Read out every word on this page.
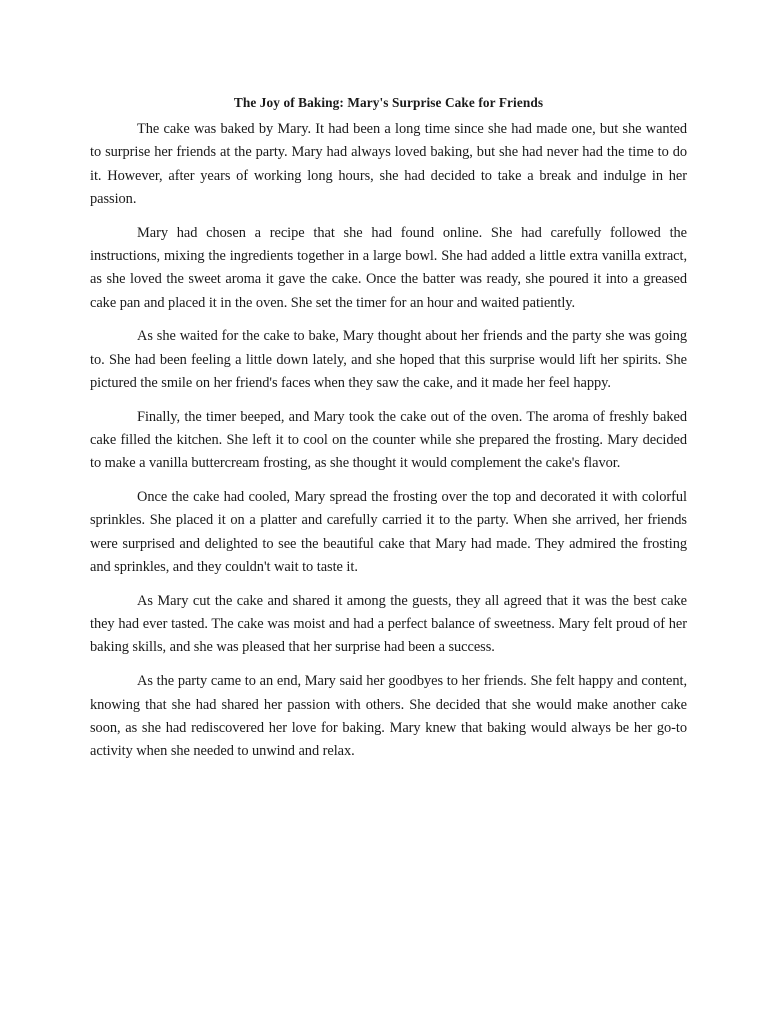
The Joy of Baking: Mary's Surprise Cake for Friends

The cake was baked by Mary. It had been a long time since she had made one, but she wanted to surprise her friends at the party. Mary had always loved baking, but she had never had the time to do it. However, after years of working long hours, she had decided to take a break and indulge in her passion.

Mary had chosen a recipe that she had found online. She had carefully followed the instructions, mixing the ingredients together in a large bowl. She had added a little extra vanilla extract, as she loved the sweet aroma it gave the cake. Once the batter was ready, she poured it into a greased cake pan and placed it in the oven. She set the timer for an hour and waited patiently.

As she waited for the cake to bake, Mary thought about her friends and the party she was going to. She had been feeling a little down lately, and she hoped that this surprise would lift her spirits. She pictured the smile on her friend's faces when they saw the cake, and it made her feel happy.

Finally, the timer beeped, and Mary took the cake out of the oven. The aroma of freshly baked cake filled the kitchen. She left it to cool on the counter while she prepared the frosting. Mary decided to make a vanilla buttercream frosting, as she thought it would complement the cake's flavor.

Once the cake had cooled, Mary spread the frosting over the top and decorated it with colorful sprinkles. She placed it on a platter and carefully carried it to the party. When she arrived, her friends were surprised and delighted to see the beautiful cake that Mary had made. They admired the frosting and sprinkles, and they couldn't wait to taste it.

As Mary cut the cake and shared it among the guests, they all agreed that it was the best cake they had ever tasted. The cake was moist and had a perfect balance of sweetness. Mary felt proud of her baking skills, and she was pleased that her surprise had been a success.

As the party came to an end, Mary said her goodbyes to her friends. She felt happy and content, knowing that she had shared her passion with others. She decided that she would make another cake soon, as she had rediscovered her love for baking. Mary knew that baking would always be her go-to activity when she needed to unwind and relax.
